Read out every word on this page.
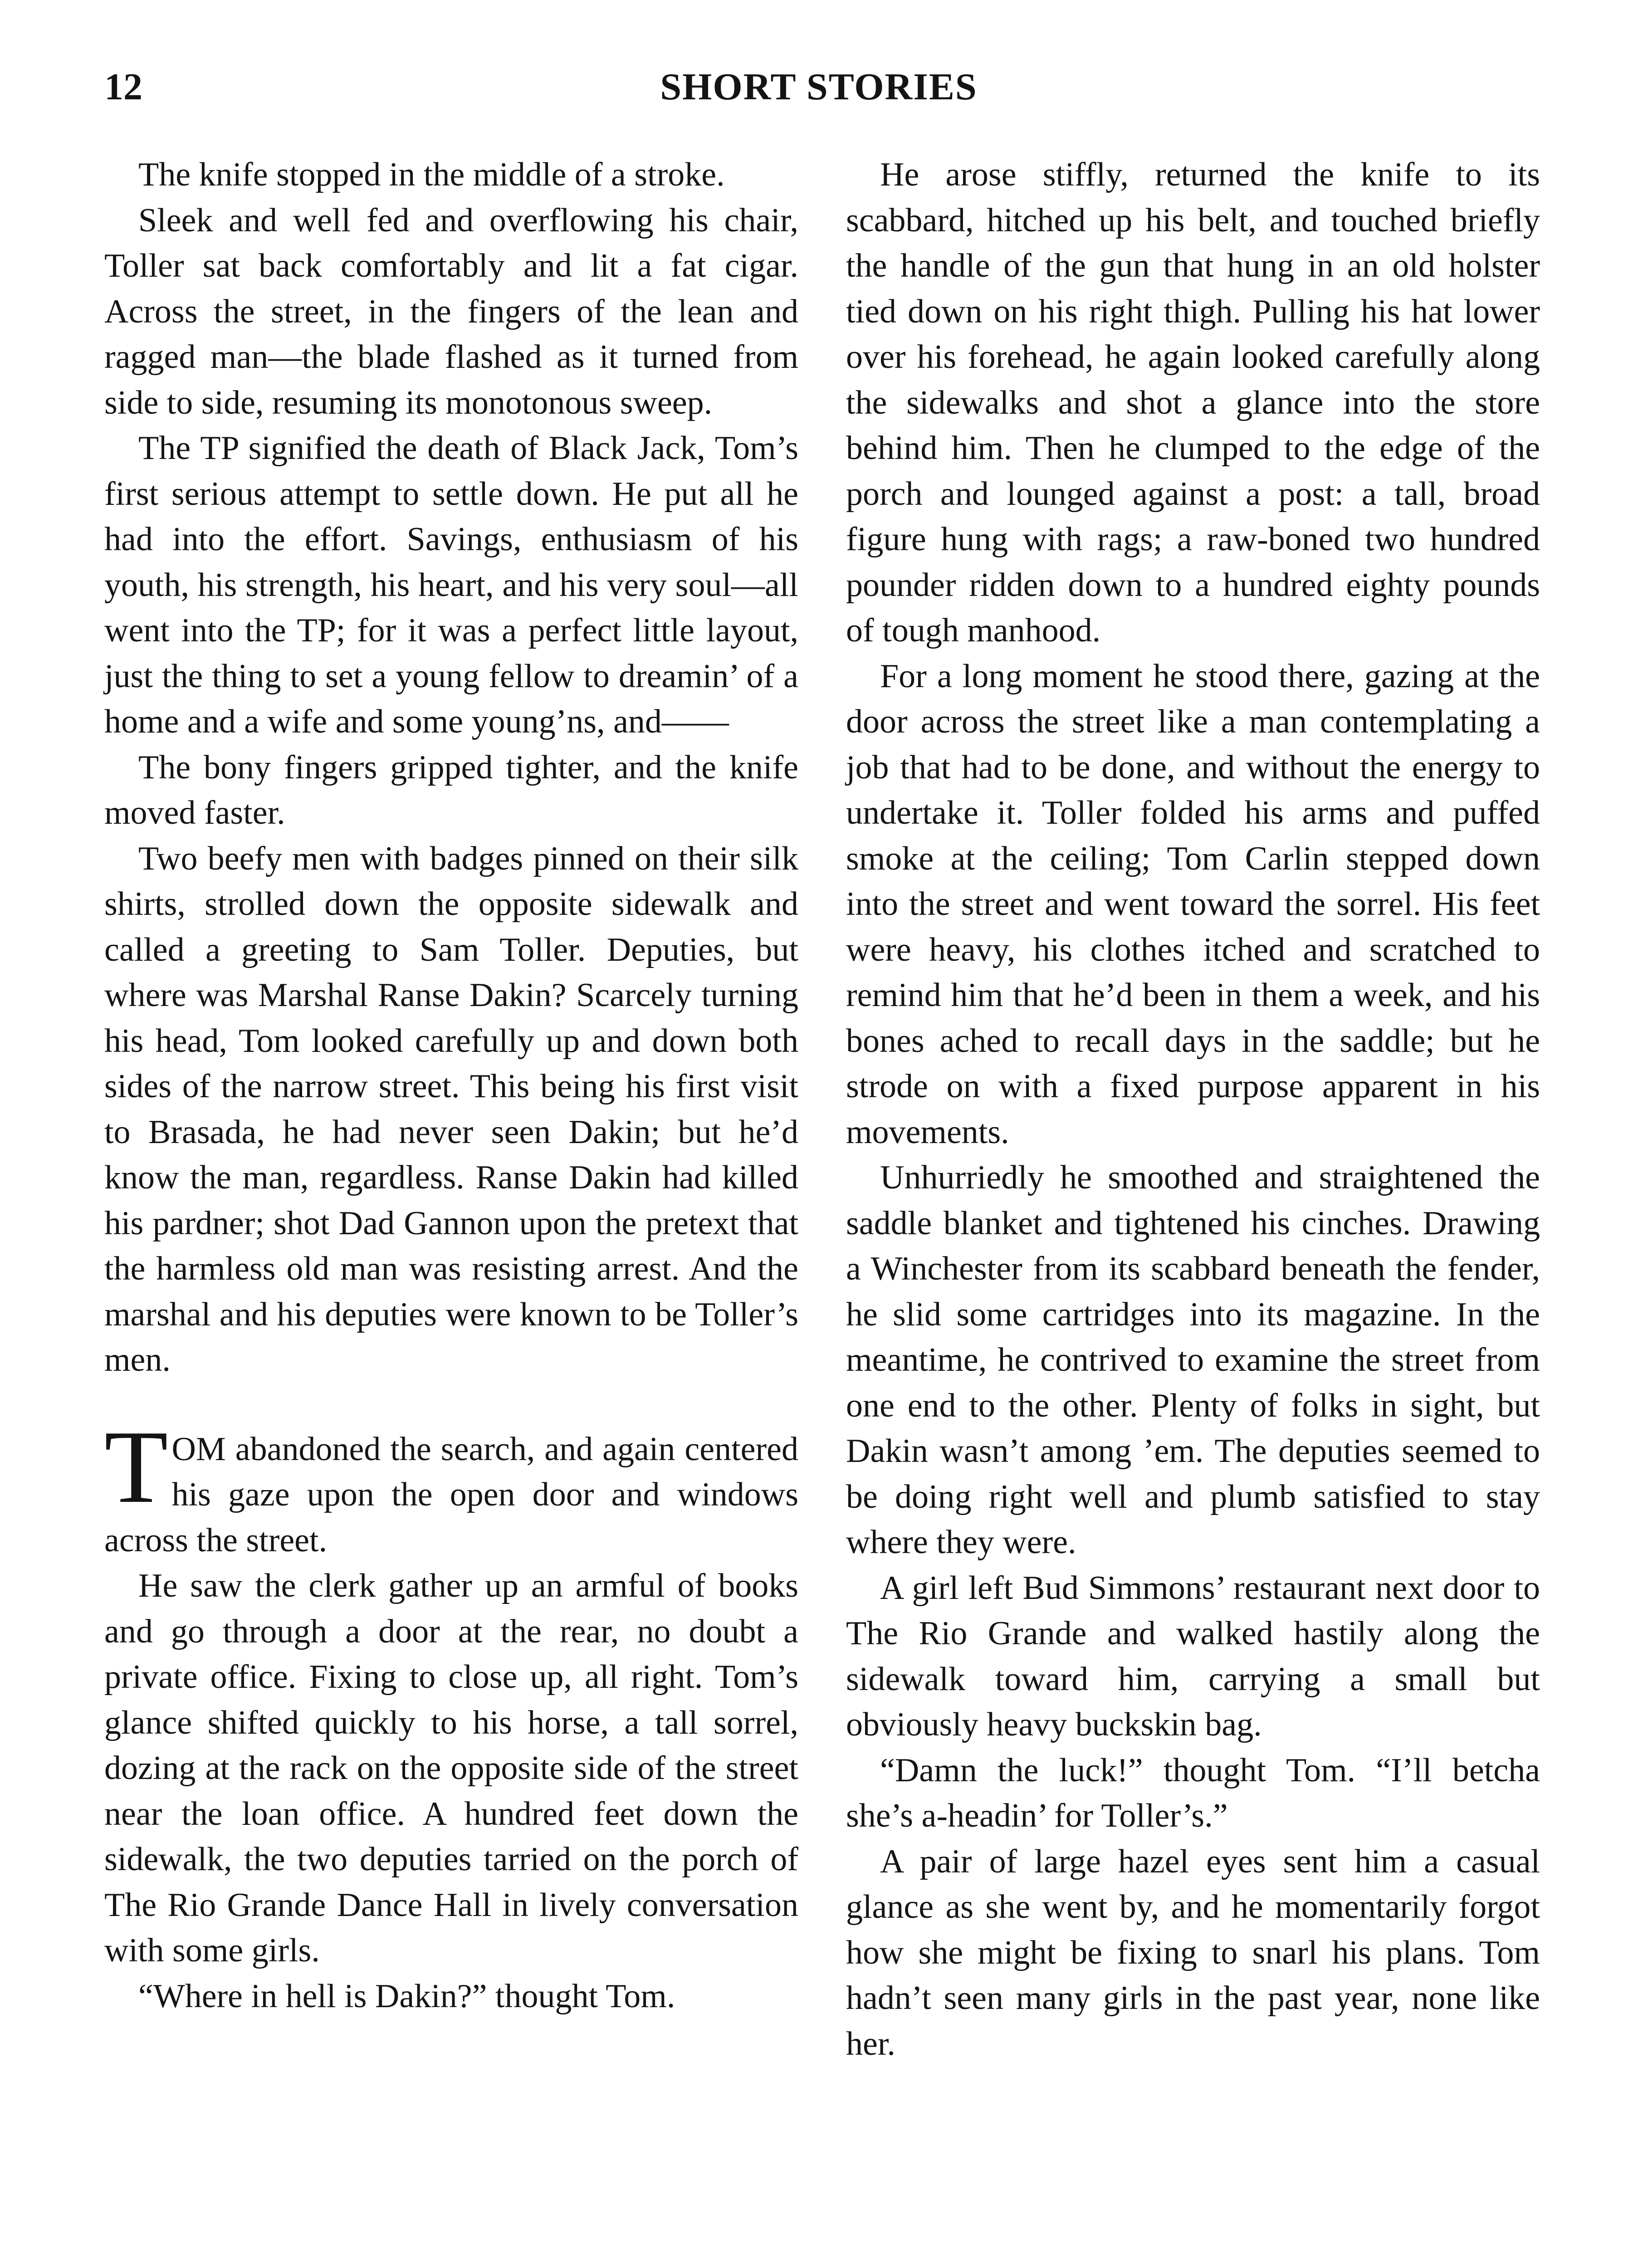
12	SHORT STORIES

The knife stopped in the middle of a stroke.

Sleek and well fed and overflowing his chair, Toller sat back comfortably and lit a fat cigar. Across the street, in the fingers of the lean and ragged man—the blade flashed as it turned from side to side, resuming its monotonous sweep.

The TP signified the death of Black Jack, Tom’s first serious attempt to settle down. He put all he had into the effort. Savings, enthusiasm of his youth, his strength, his heart, and his very soul—all went into the TP; for it was a perfect little layout, just the thing to set a young fellow to dreamin’ of a home and a wife and some young’ns, and——

The bony fingers gripped tighter, and the knife moved faster.

Two beefy men with badges pinned on their silk shirts, strolled down the opposite sidewalk and called a greeting to Sam Toller. Deputies, but where was Marshal Ranse Dakin? Scarcely turning his head, Tom looked carefully up and down both sides of the narrow street. This being his first visit to Brasada, he had never seen Dakin; but he’d know the man, regardless. Ranse Dakin had killed his pardner; shot Dad Gannon upon the pretext that the harmless old man was resisting arrest. And the marshal and his deputies were known to be Toller’s men.

TOM abandoned the search, and again centered his gaze upon the open door and windows across the street.

He saw the clerk gather up an armful of books and go through a door at the rear, no doubt a private office. Fixing to close up, all right. Tom’s glance shifted quickly to his horse, a tall sorrel, dozing at the rack on the opposite side of the street near the loan office. A hundred feet down the sidewalk, the two deputies tarried on the porch of The Rio Grande Dance Hall in lively conversation with some girls.

“Where in hell is Dakin?” thought Tom.

He arose stiffly, returned the knife to its scabbard, hitched up his belt, and touched briefly the handle of the gun that hung in an old holster tied down on his right thigh. Pulling his hat lower over his forehead, he again looked carefully along the sidewalks and shot a glance into the store behind him. Then he clumped to the edge of the porch and lounged against a post: a tall, broad figure hung with rags; a raw-boned two hundred pounder ridden down to a hundred eighty pounds of tough manhood.

For a long moment he stood there, gazing at the door across the street like a man contemplating a job that had to be done, and without the energy to undertake it. Toller folded his arms and puffed smoke at the ceiling; Tom Carlin stepped down into the street and went toward the sorrel. His feet were heavy, his clothes itched and scratched to remind him that he’d been in them a week, and his bones ached to recall days in the saddle; but he strode on with a fixed purpose apparent in his movements.

Unhurriedly he smoothed and straightened the saddle blanket and tightened his cinches. Drawing a Winchester from its scabbard beneath the fender, he slid some cartridges into its magazine. In the meantime, he contrived to examine the street from one end to the other. Plenty of folks in sight, but Dakin wasn’t among ’em. The deputies seemed to be doing right well and plumb satisfied to stay where they were.

A girl left Bud Simmons’ restaurant next door to The Rio Grande and walked hastily along the sidewalk toward him, carrying a small but obviously heavy buckskin bag.

“Damn the luck!” thought Tom. “I’ll betcha she’s a-headin’ for Toller’s.”

A pair of large hazel eyes sent him a casual glance as she went by, and he momentarily forgot how she might be fixing to snarl his plans. Tom hadn’t seen many girls in the past year, none like her.
